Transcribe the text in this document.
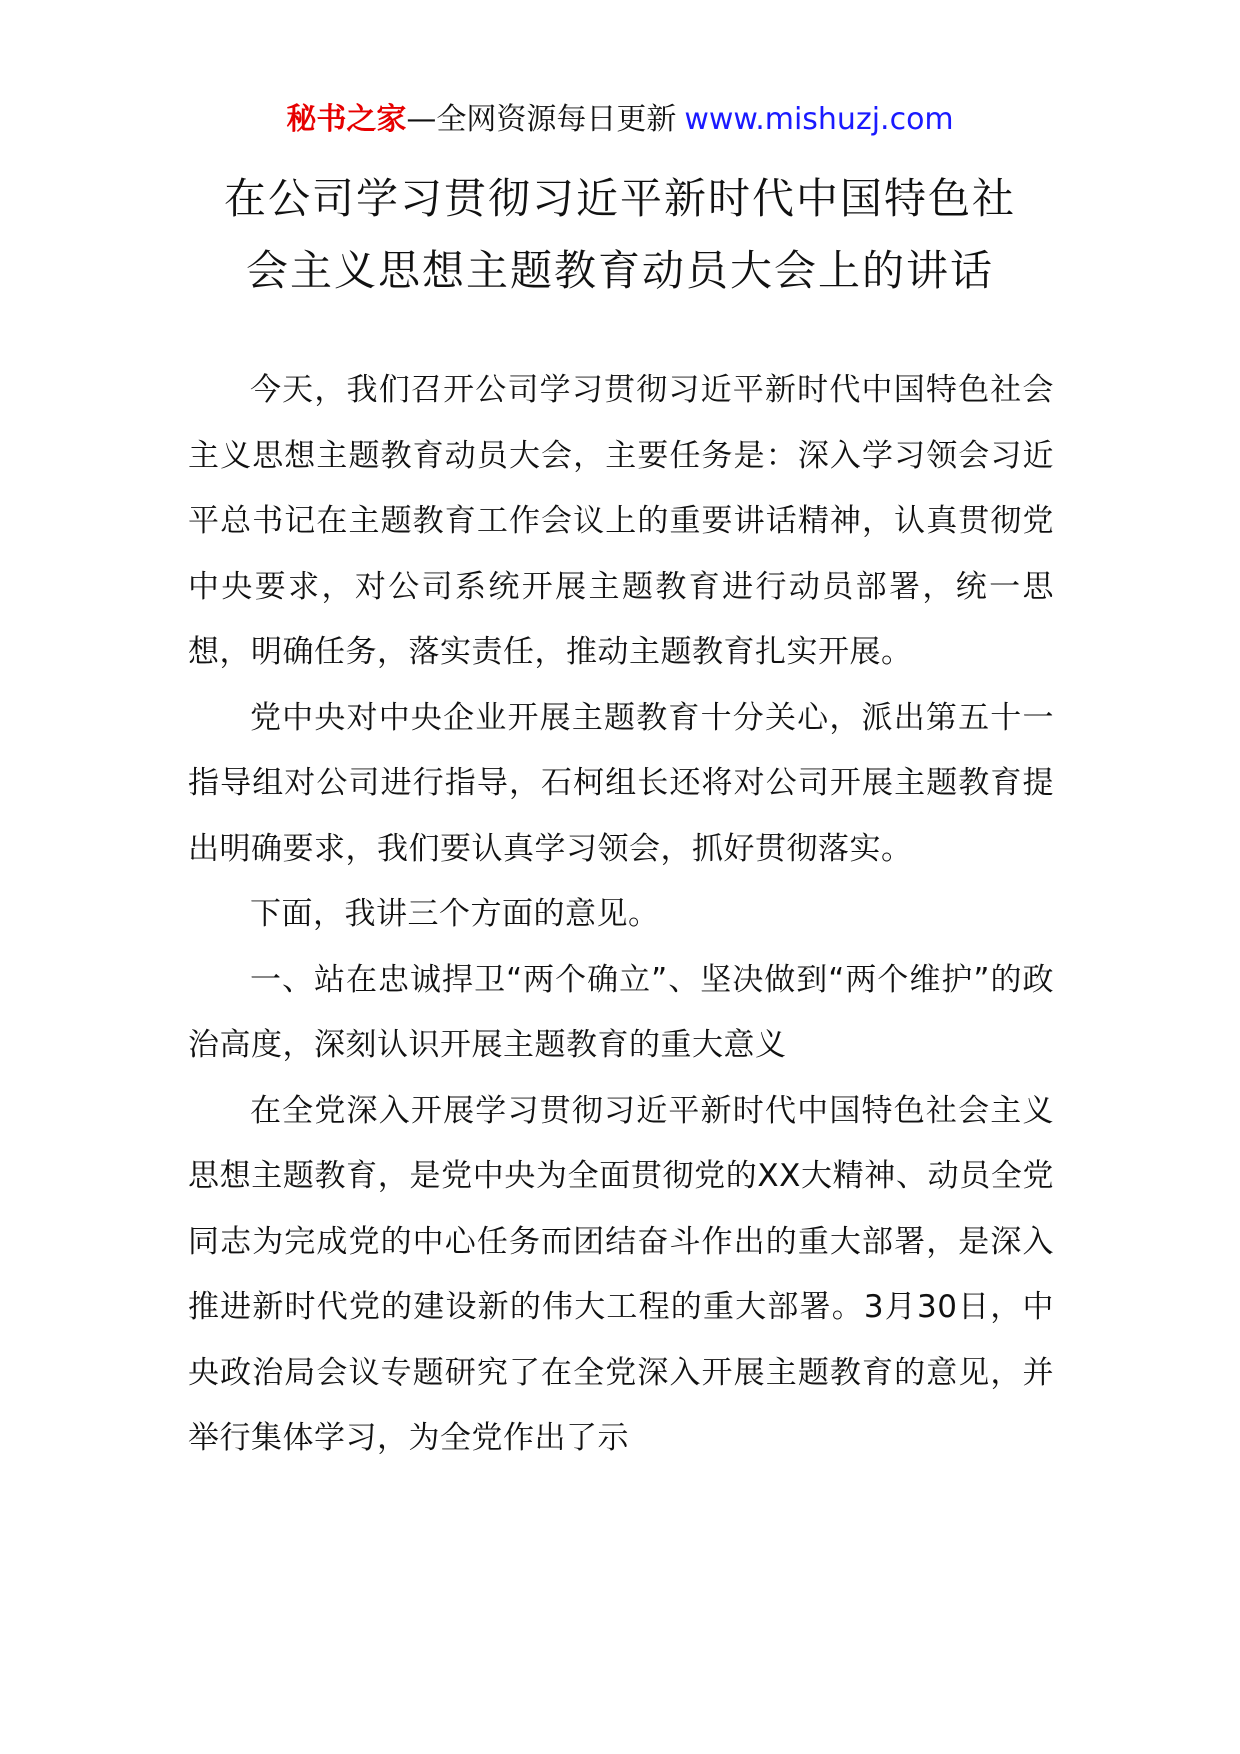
秘书之家—全网资源每日更新 www.mishuzj.com
在公司学习贯彻习近平新时代中国特色社
会主义思想主题教育动员大会上的讲话

今天，我们召开公司学习贯彻习近平新时代中国特色社会主义思想主题教育动员大会，主要任务是：深入学习领会习近平总书记在主题教育工作会议上的重要讲话精神，认真贯彻党中央要求，对公司系统开展主题教育进行动员部署，统一思想，明确任务，落实责任，推动主题教育扎实开展。

党中央对中央企业开展主题教育十分关心，派出第五十一指导组对公司进行指导，石柯组长还将对公司开展主题教育提出明确要求，我们要认真学习领会，抓好贯彻落实。

下面，我讲三个方面的意见。

一、站在忠诚捍卫“两个确立”、坚决做到“两个维护”的政治高度，深刻认识开展主题教育的重大意义

在全党深入开展学习贯彻习近平新时代中国特色社会主义思想主题教育，是党中央为全面贯彻党的XX大精神、动员全党同志为完成党的中心任务而团结奋斗作出的重大部署，是深入推进新时代党的建设新的伟大工程的重大部署。3月30日，中央政治局会议专题研究了在全党深入开展主题教育的意见，并举行集体学习，为全党作出了示
